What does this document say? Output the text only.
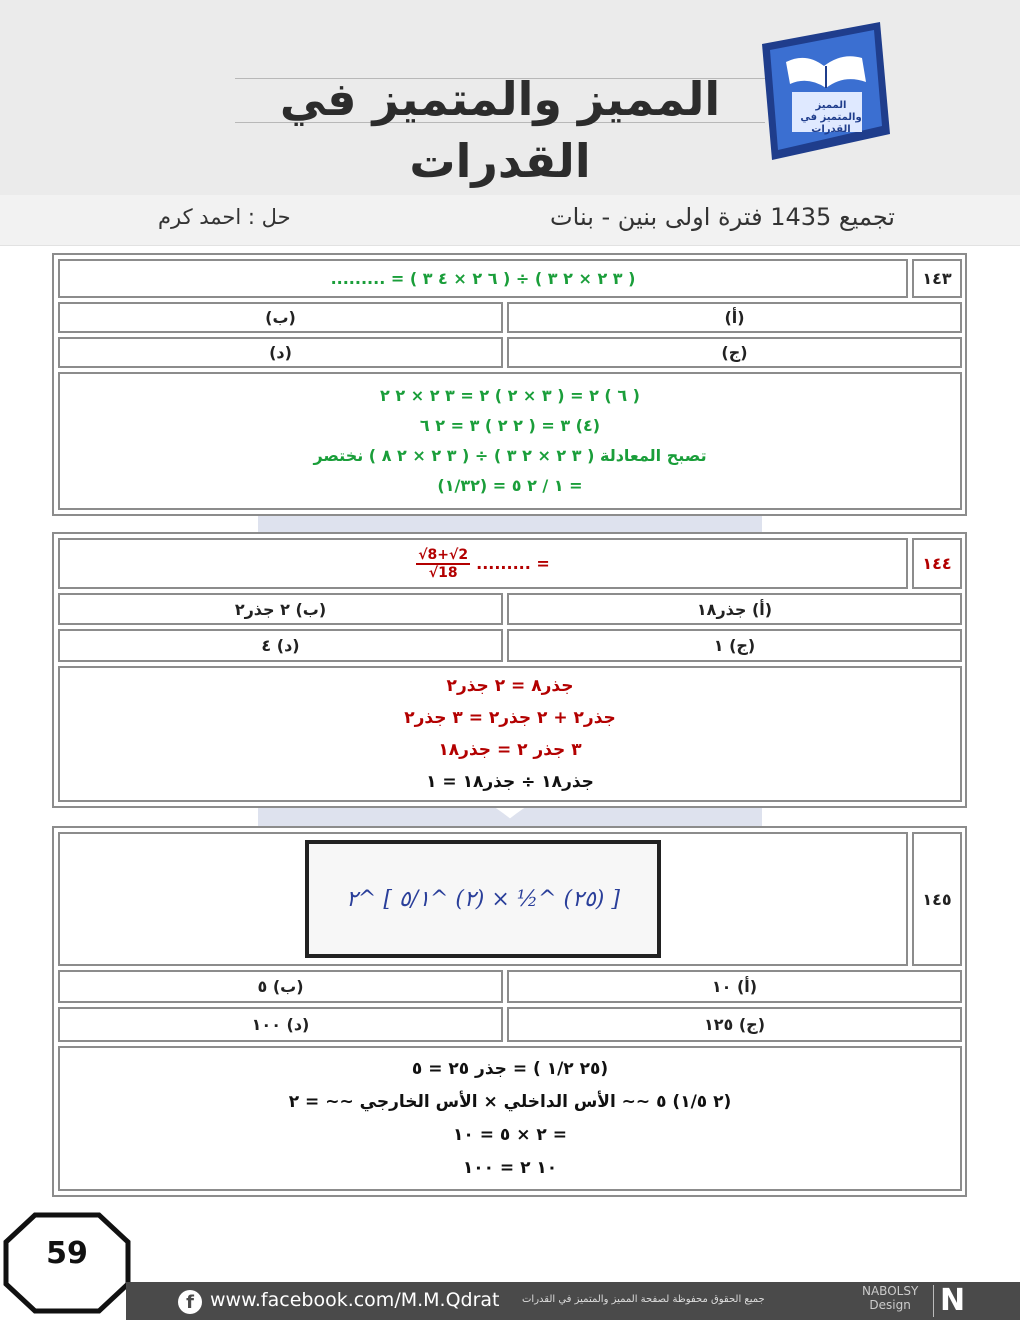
المميز والمتميز في القدرات
المميز والمتميز في القدرات
تجميع 1435 فترة اولى بنين - بنات
حل : احمد كرم
١٤٣
( ٣ ٢ × ٢ ٣ ) ÷ ( ٦ ٢ × ٤ ٣ ) = .........
(أ)
(ب)
(ج)
(د)
( ٦ ) ٢ = ( ٣ × ٢ ) ٢ = ٣ ٢ × ٢ ٢
(٤) ٣ = ( ٢ ٢ ) ٣ = ٢ ٦
تصبح المعادلة ( ٣ ٢ × ٢ ٣ ) ÷ ( ٣ ٢ × ٢ ٨ ) نختصر
= ١ / ٢ ٥ = (١/٣٢)
١٤٤
= .........
$\frac{√8+√2}{√18}$
(أ) جذر١٨
(ب) ٢ جذر٢
(ج) ١
(د) ٤
جذر٨ = ٢ جذر٢
جذر٢ + ٢ جذر٢ = ٣ جذر٢
٣ جذر ٢ = جذر١٨
جذر١٨ ÷ جذر١٨ = ١
١٤٥
[ (٢٥) ^½ × (٢) ^٥/١ ] ^٢
(أ) ١٠
(ب) ٥
(ج) ١٢٥
(د) ١٠٠
(٢٥ ١/٢ ) = جذر ٢٥ = ٥
(٢ ١/٥) ٥ ~~ الأس الداخلي × الأس الخارجي ~~ = ٢
= ٢ × ٥ = ١٠
١٠ ٢ = ١٠٠
59
f www.facebook.com/M.M.Qdrat جميع الحقوق محفوظة لصفحة المميز والمتميز في القدرات
NABOLSY
Design N
